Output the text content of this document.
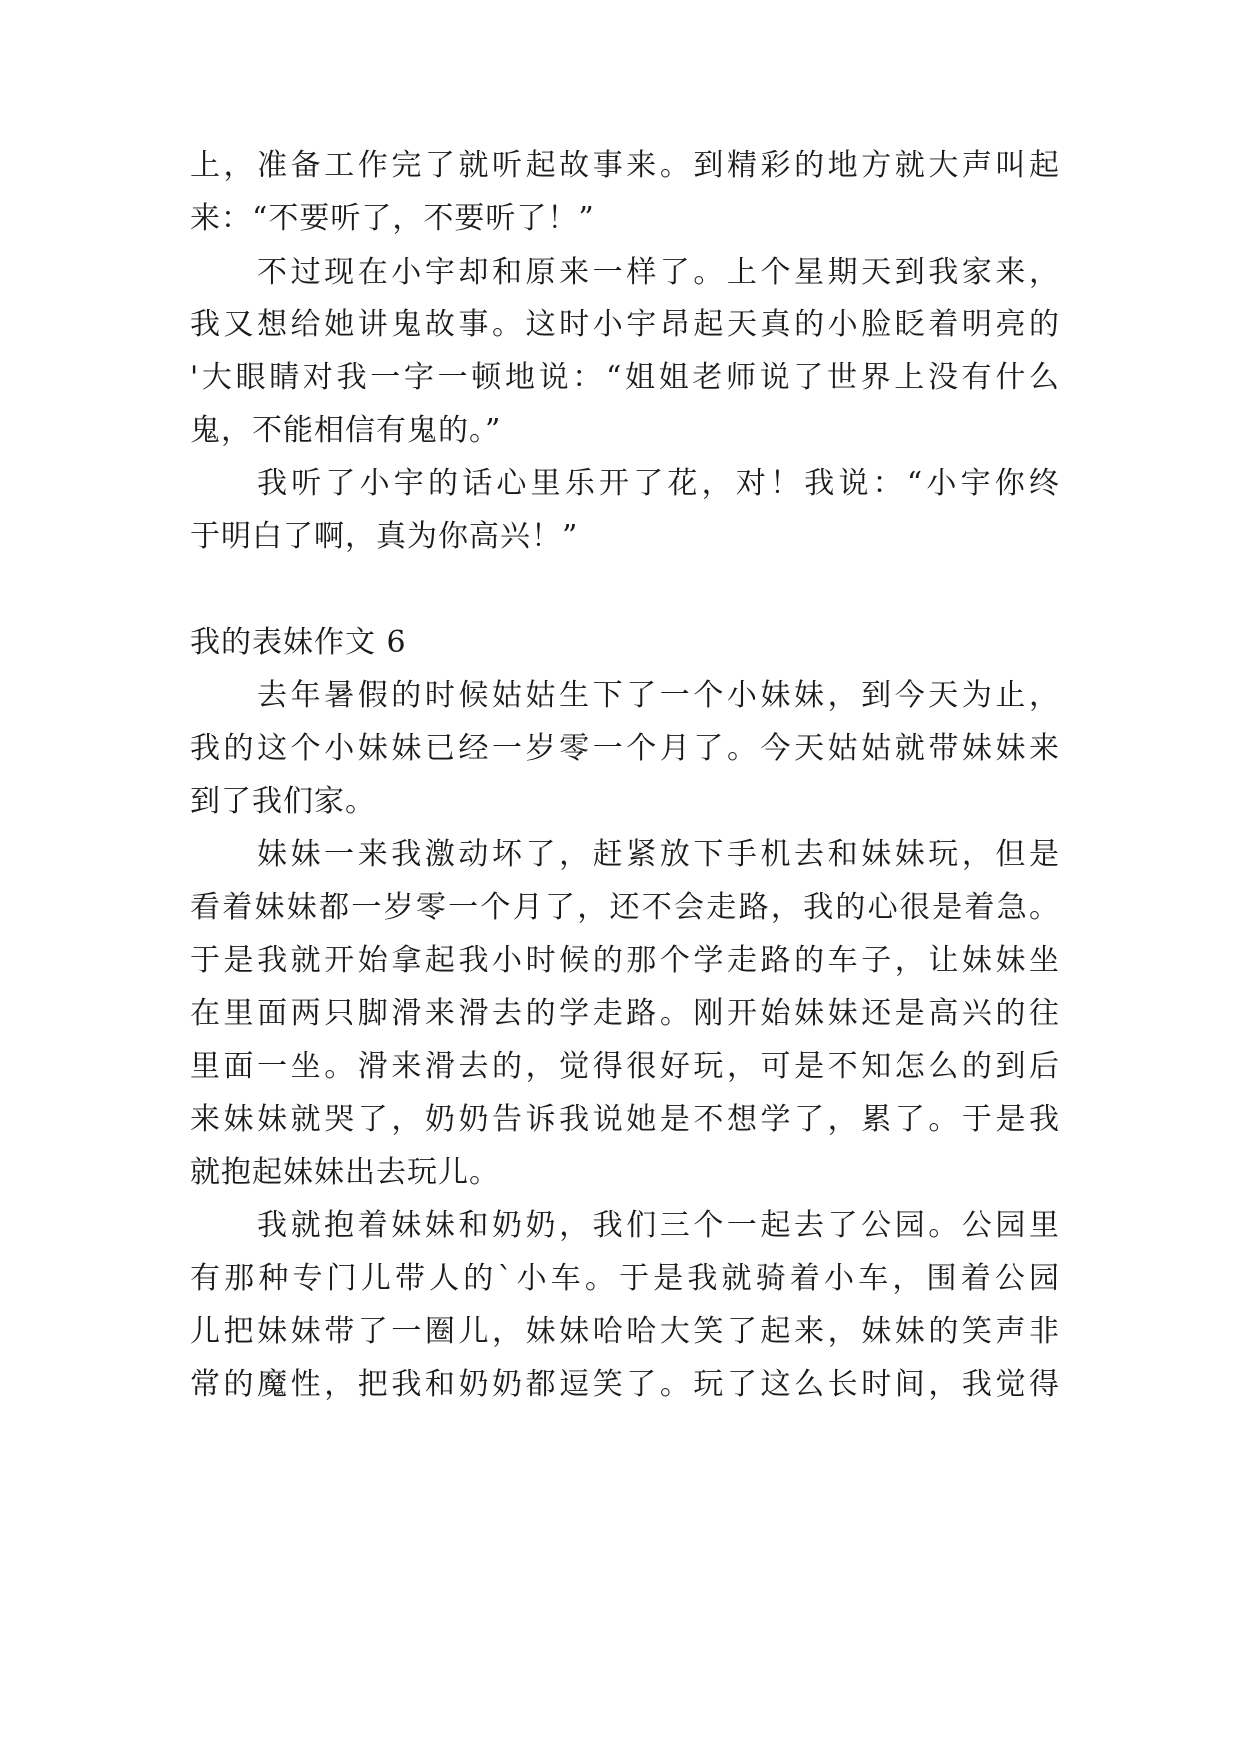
上，准备工作完了就听起故事来。到精彩的地方就大声叫起
来：“不要听了，不要听了！”
不过现在小宇却和原来一样了。上个星期天到我家来，
我又想给她讲鬼故事。这时小宇昂起天真的小脸眨着明亮的
'大眼睛对我一字一顿地说：“姐姐老师说了世界上没有什么
鬼，不能相信有鬼的。”
我听了小宇的话心里乐开了花，对！我说：“小宇你终
于明白了啊，真为你高兴！”
我的表妹作文 6
去年暑假的时候姑姑生下了一个小妹妹，到今天为止，
我的这个小妹妹已经一岁零一个月了。今天姑姑就带妹妹来
到了我们家。
妹妹一来我激动坏了，赶紧放下手机去和妹妹玩，但是
看着妹妹都一岁零一个月了，还不会走路，我的心很是着急。
于是我就开始拿起我小时候的那个学走路的车子，让妹妹坐
在里面两只脚滑来滑去的学走路。刚开始妹妹还是高兴的往
里面一坐。滑来滑去的，觉得很好玩，可是不知怎么的到后
来妹妹就哭了，奶奶告诉我说她是不想学了，累了。于是我
就抱起妹妹出去玩儿。
我就抱着妹妹和奶奶，我们三个一起去了公园。公园里
有那种专门儿带人的`小车。于是我就骑着小车，围着公园
儿把妹妹带了一圈儿，妹妹哈哈大笑了起来，妹妹的笑声非
常的魔性，把我和奶奶都逗笑了。玩了这么长时间，我觉得
